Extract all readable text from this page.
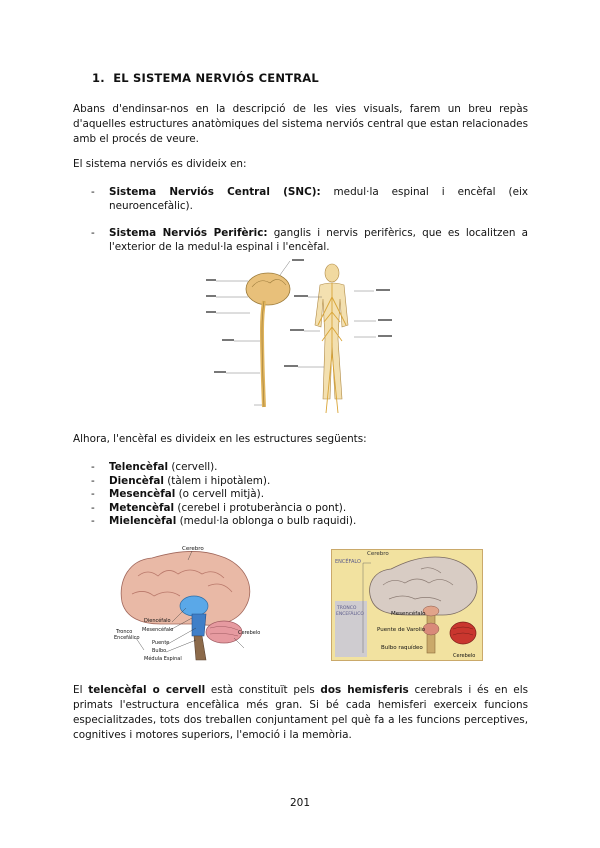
1. EL SISTEMA NERVIÓS CENTRAL
Abans d'endinsar-nos en la descripció de les vies visuals, farem un breu repàs d'aquelles estructures anatòmiques del sistema nerviós central que estan relacionades amb el procés de veure.
El sistema nerviós es divideix en:
- Sistema Nerviós Central (SNC): medul·la espinal i encèfal (eix neuroencefàlic).
- Sistema Nerviós Perifèric: ganglis i nervis perifèrics, que es localitzen a l'exterior de la medul·la espinal i l'encèfal.
Alhora, l'encèfal es divideix en les estructures següents:
- Telencèfal (cervell).
- Diencèfal (tàlem i hipotàlem).
- Mesencèfal (o cervell mitjà).
- Metencèfal (cerebel i protuberància o pont).
- Mielencèfal (medul·la oblonga o bulb raquidi).
Cerebro
Diencéfalo
Mesencéfalo
Tronco
Encefálico
Puente
Bulbo
Médula Espinal
Cerebelo
Cerebro
ENCÉFALO
TRONCO
ENCEFÁLICO	Mesencéfalo
Puente de Varolio
Bulbo raquídeo
Cerebelo
El telencèfal o cervell està constituït pels dos hemisferis cerebrals i és en els primats l'estructura encefàlica més gran. Si bé cada hemisferi exerceix funcions especialitzades, tots dos treballen conjuntament pel què fa a les funcions perceptives, cognitives i motores superiors, l'emoció i la memòria.
201
